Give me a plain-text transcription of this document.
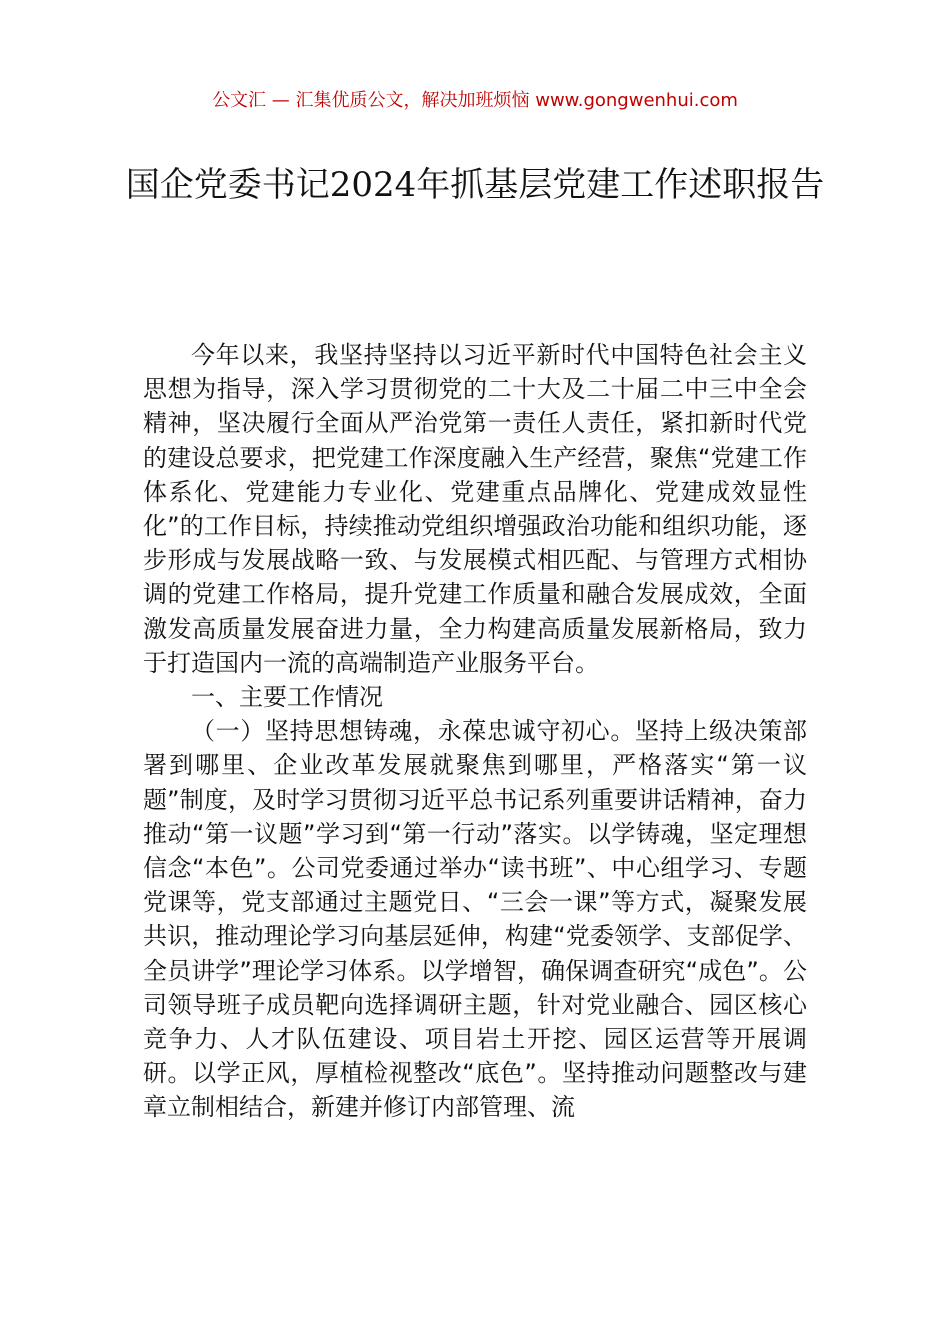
公文汇 — 汇集优质公文，解决加班烦恼 www.gongwenhui.com
国企党委书记2024年抓基层党建工作述职报告

今年以来，我坚持坚持以习近平新时代中国特色社会主义思想为指导，深入学习贯彻党的二十大及二十届二中三中全会精神，坚决履行全面从严治党第一责任人责任，紧扣新时代党的建设总要求，把党建工作深度融入生产经营，聚焦“党建工作体系化、党建能力专业化、党建重点品牌化、党建成效显性化”的工作目标，持续推动党组织增强政治功能和组织功能，逐步形成与发展战略一致、与发展模式相匹配、与管理方式相协调的党建工作格局，提升党建工作质量和融合发展成效，全面激发高质量发展奋进力量，全力构建高质量发展新格局，致力于打造国内一流的高端制造产业服务平台。

一、主要工作情况

（一）坚持思想铸魂，永葆忠诚守初心。坚持上级决策部署到哪里、企业改革发展就聚焦到哪里，严格落实“第一议题”制度，及时学习贯彻习近平总书记系列重要讲话精神，奋力推动“第一议题”学习到“第一行动”落实。以学铸魂，坚定理想信念“本色”。公司党委通过举办“读书班”、中心组学习、专题党课等，党支部通过主题党日、“三会一课”等方式，凝聚发展共识，推动理论学习向基层延伸，构建“党委领学、支部促学、全员讲学”理论学习体系。以学增智，确保调查研究“成色”。公司领导班子成员靶向选择调研主题，针对党业融合、园区核心竞争力、人才队伍建设、项目岩土开挖、园区运营等开展调研。以学正风，厚植检视整改“底色”。坚持推动问题整改与建章立制相结合，新建并修订内部管理、流
